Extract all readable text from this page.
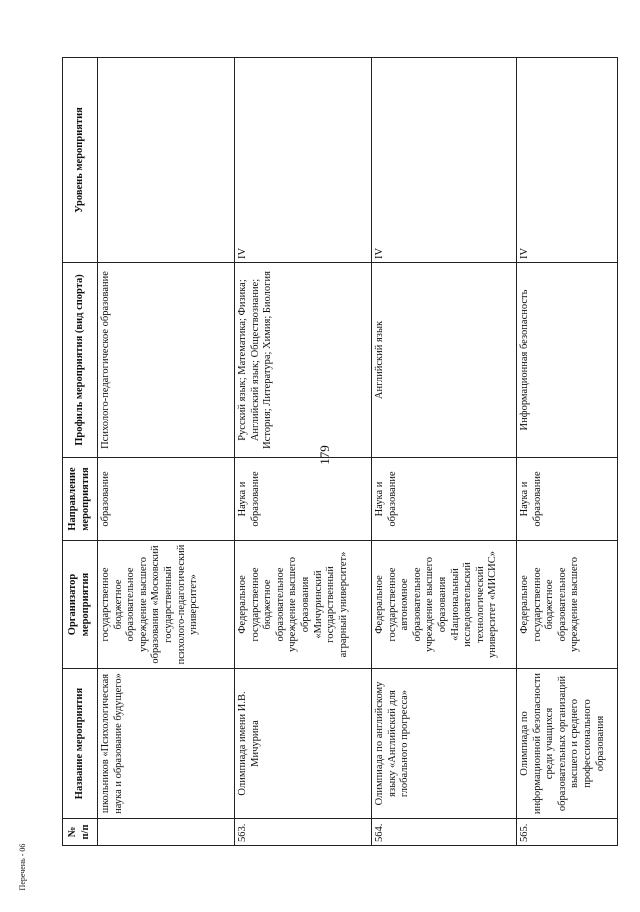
179
№ п/п	Название мероприятия	Организатор мероприятия	Направление мероприятия	Профиль мероприятия (вид спорта)	Уровень мероприятия
	школьников «Психологическая наука и образование будущего»	государственное бюджетное образовательное учреждение высшего образования «Московский государственный психолого-педагогический университет»	образование	Психолого-педагогическое образование	
563.	Олимпиада имени И.В. Мичурина	Федеральное государственное бюджетное образовательное учреждение высшего образования «Мичуринский государственный аграрный университет»	Наука и образование	Русский язык; Математика; Физика; Английский язык; Обществознание; История; Литература; Химия; Биология	IV
564.	Олимпиада по английскому языку «Английский для глобального прогресса»	Федеральное государственное автономное образовательное учреждение высшего образования «Национальный исследовательский технологический университет «МИСИС»	Наука и образование	Английский язык	IV
565.	Олимпиада по информационной безопасности среди учащихся образовательных организаций высшего и среднего профессионального образования	Федеральное государственное бюджетное образовательное учреждение высшего	Наука и образование	Информационная безопасность	IV
Перечень - 06
